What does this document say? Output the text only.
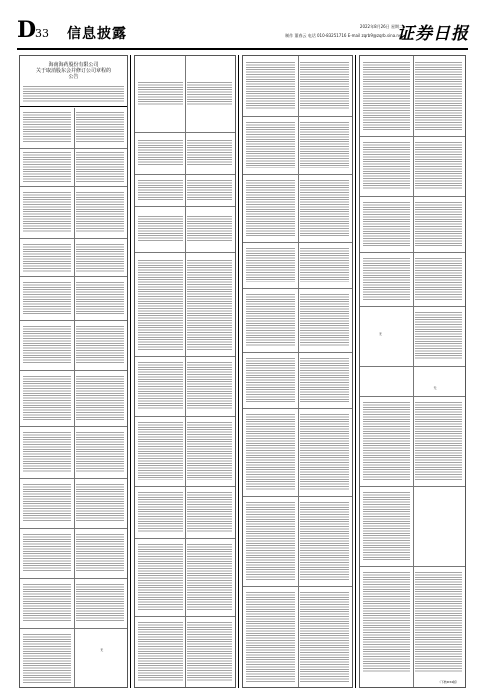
D
33 信息披露	2022年8月26日 星期二
制作 董春云 电话 010-83251716 E-mail zqrb9@zqrb.sina.net
证券日报
海南海药股份有限公司
关于取消股东会并修订公司章程的
公告
无
无
无
（下转D34版）
